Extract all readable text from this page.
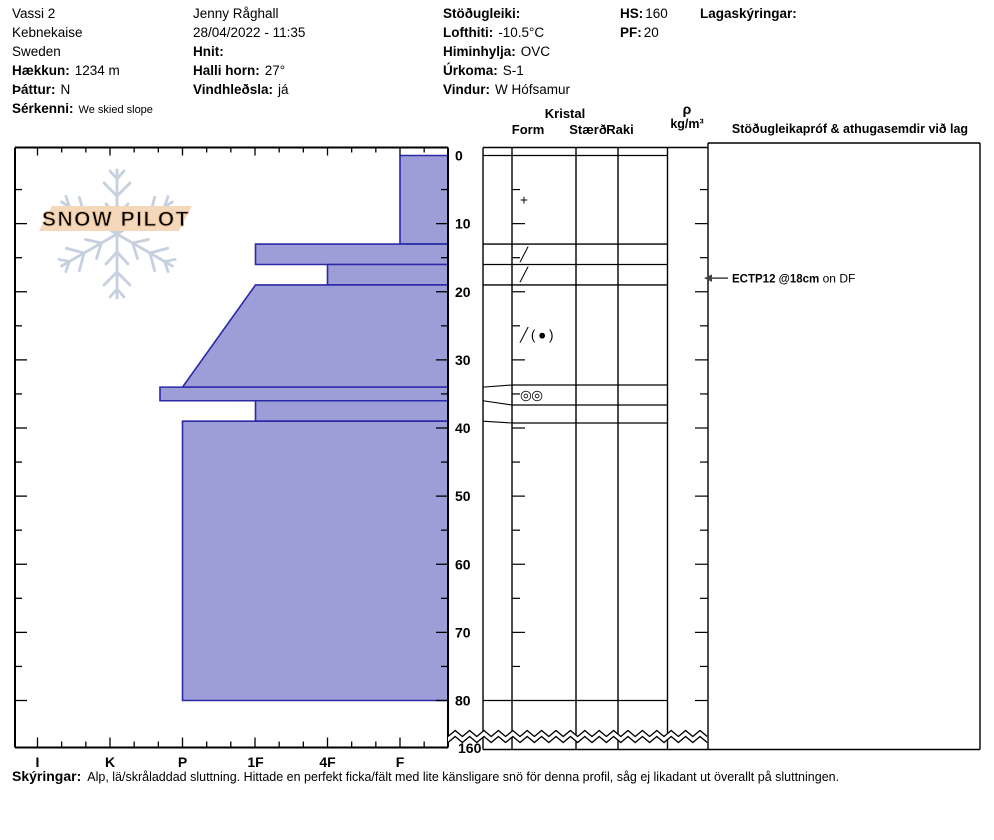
Vassi 2
Kebnekaise
Sweden
Hækkun: 1234 m
Þáttur: N
Sérkenni: We skied slope
Jenny Råghall
28/04/2022 - 11:35
Hnit:
Halli horn: 27°
Vindhleðsla: já
Stöðugleiki:
Lofthiti: -10.5°C
Himinhylja: OVC
Úrkoma: S-1
Vindur: W Hófsamur
HS: 160
PF: 20
Lagaskýringar:
Kristal
Form	Stærð Raki
ρ
kg/m³	Stöðugleikapróf & athugasemdir við lag
SNOW PILOT
0
10
20
30
40
50
60
70
80
I	K	P	1F	4F	F
+
╱
╱
╱ ( ● )
◎◎
ECTP12 @18cm on DF
160
Skýringar: Alp, lä/skråladdad sluttning. Hittade en perfekt ficka/fält med lite känsligare snö för denna profil, såg ej likadant ut överallt på sluttningen.
